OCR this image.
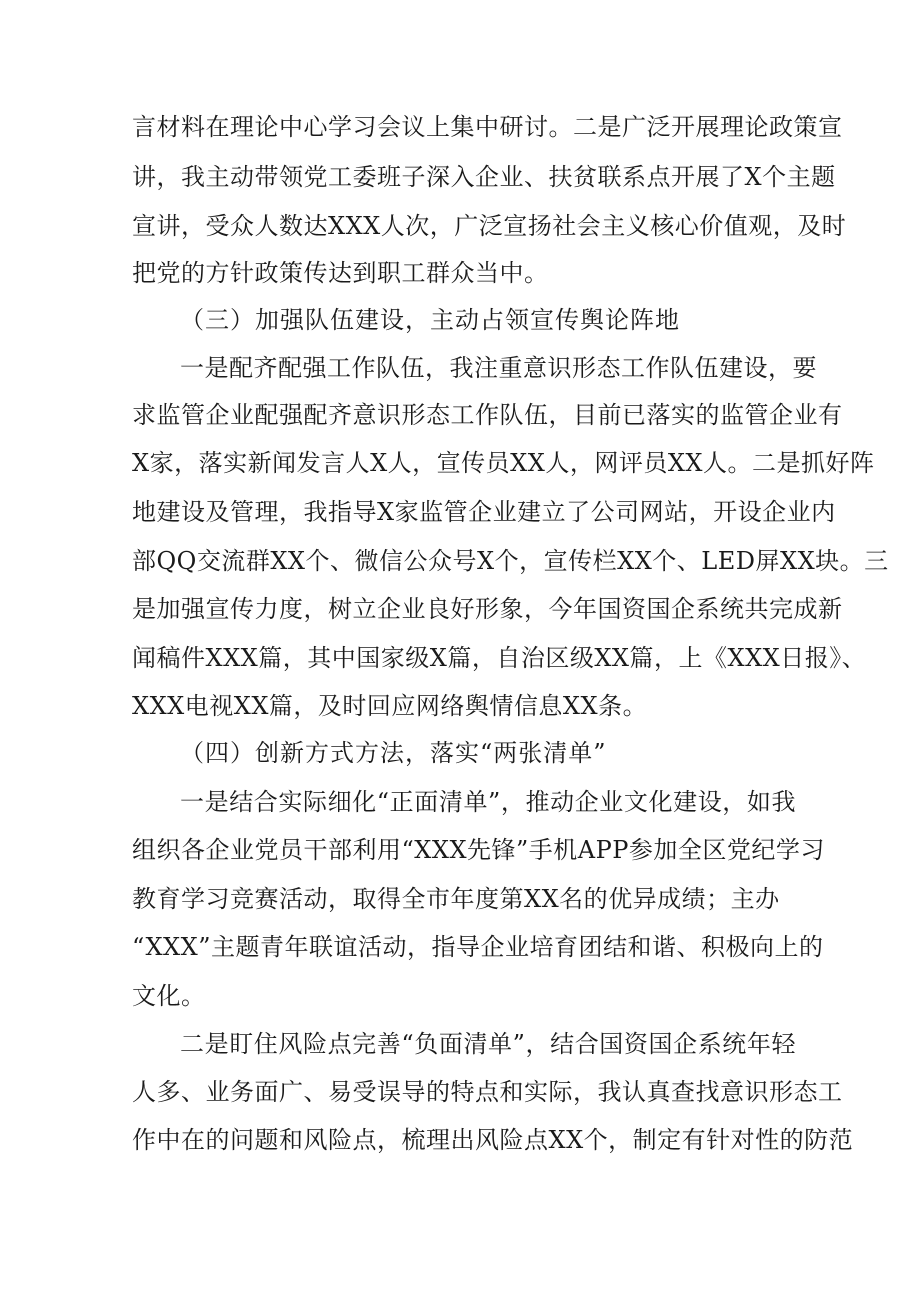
言材料在理论中心学习会议上集中研讨。二是广泛开展理论政策宣
讲，我主动带领党工委班子深入企业、扶贫联系点开展了X个主题
宣讲，受众人数达XXX人次，广泛宣扬社会主义核心价值观，及时
把党的方针政策传达到职工群众当中。
（三）加强队伍建设，主动占领宣传舆论阵地
一是配齐配强工作队伍，我注重意识形态工作队伍建设，要
求监管企业配强配齐意识形态工作队伍，目前已落实的监管企业有
X家，落实新闻发言人X人，宣传员XX人，网评员XX人。二是抓好阵
地建设及管理，我指导X家监管企业建立了公司网站，开设企业内
部QQ交流群XX个、微信公众号X个，宣传栏XX个、LED屏XX块。三
是加强宣传力度，树立企业良好形象，今年国资国企系统共完成新
闻稿件XXX篇，其中国家级X篇，自治区级XX篇，上《XXX日报》、
XXX电视XX篇，及时回应网络舆情信息XX条。
（四）创新方式方法，落实“两张清单”
一是结合实际细化“正面清单”，推动企业文化建设，如我
组织各企业党员干部利用“XXX先锋”手机APP参加全区党纪学习
教育学习竞赛活动，取得全市年度第XX名的优异成绩；主办
“XXX”主题青年联谊活动，指导企业培育团结和谐、积极向上的
文化。
二是盯住风险点完善“负面清单”，结合国资国企系统年轻
人多、业务面广、易受误导的特点和实际，我认真查找意识形态工
作中在的问题和风险点，梳理出风险点XX个，制定有针对性的防范
